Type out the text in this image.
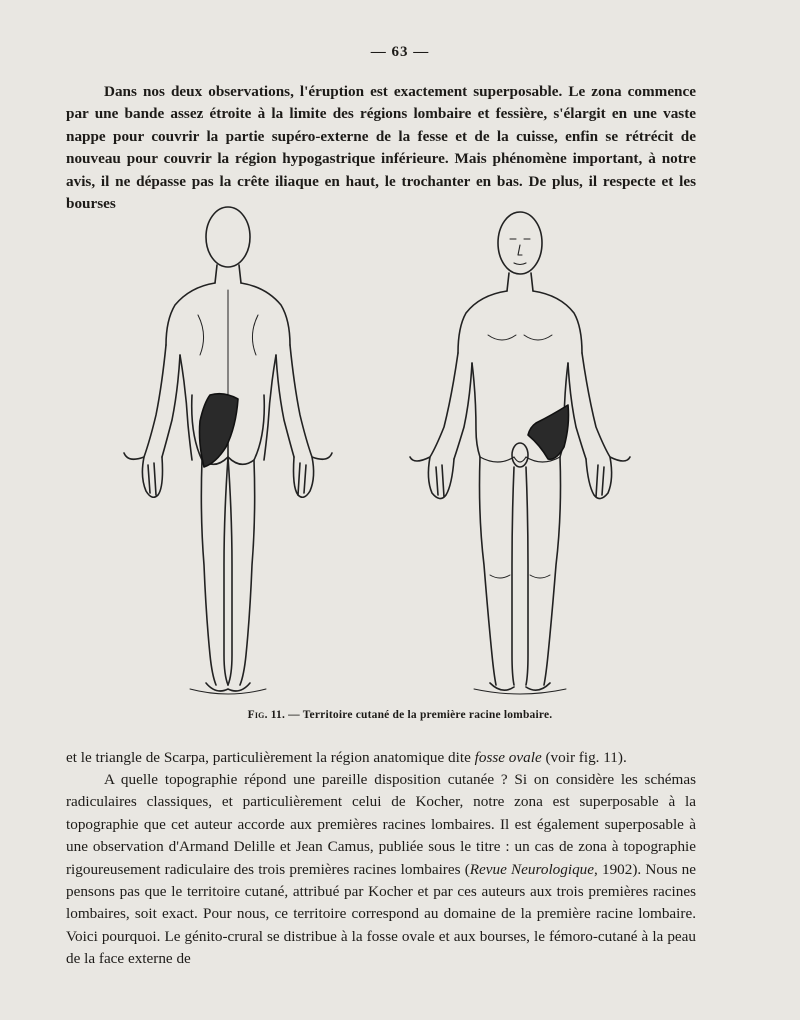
— 63 —

Dans nos deux observations, l'éruption est exactement superposable. Le zona commence par une bande assez étroite à la limite des régions lombaire et fessière, s'élargit en une vaste nappe pour couvrir la partie supéro-externe de la fesse et de la cuisse, enfin se rétrécit de nouveau pour couvrir la région hypogastrique inférieure. Mais phénomène important, à notre avis, il ne dépasse pas la crête iliaque en haut, le trochanter en bas. De plus, il respecte et les bourses

Fig. 11. — Territoire cutané de la première racine lombaire.

et le triangle de Scarpa, particulièrement la région anatomique dite fosse ovale (voir fig. 11).

A quelle topographie répond une pareille disposition cutanée ? Si on considère les schémas radiculaires classiques, et particulièrement celui de Kocher, notre zona est superposable à la topographie que cet auteur accorde aux premières racines lombaires. Il est également superposable à une observation d'Armand Delille et Jean Camus, publiée sous le titre : un cas de zona à topographie rigoureusement radiculaire des trois premières racines lombaires (Revue Neurologique, 1902). Nous ne pensons pas que le territoire cutané, attribué par Kocher et par ces auteurs aux trois premières racines lombaires, soit exact. Pour nous, ce territoire correspond au domaine de la première racine lombaire. Voici pourquoi. Le génito-crural se distribue à la fosse ovale et aux bourses, le fémoro-cutané à la peau de la face externe de
